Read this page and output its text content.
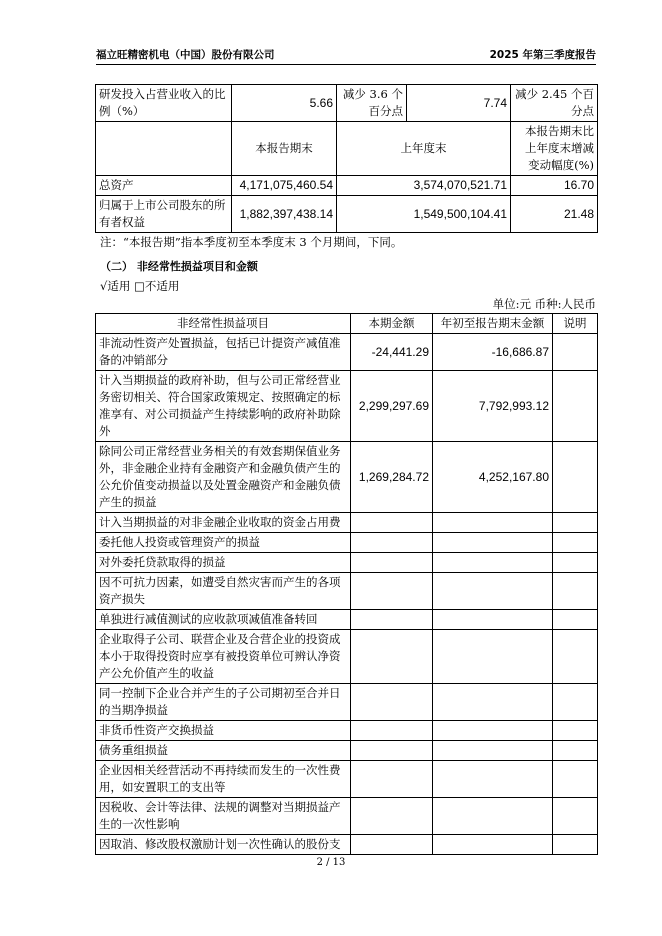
福立旺精密机电（中国）股份有限公司	2025 年第三季度报告
研发投入占营业收入的比例（%）	5.66	减少 3.6 个百分点	7.74	减少 2.45 个百分点
	本报告期末	上年度末		本报告期末比上年度末增减变动幅度(%)
总资产	4,171,075,460.54	3,574,070,521.71		16.70
归属于上市公司股东的所有者权益	1,882,397,438.14	1,549,500,104.41		21.48
注：“本报告期”指本季度初至本季度末 3 个月期间，下同。
（二） 非经常性损益项目和金额
√适用 □不适用
单位:元 币种:人民币
非经常性损益项目	本期金额	年初至报告期末金额	说明
非流动性资产处置损益，包括已计提资产减值准备的冲销部分	-24,441.29	-16,686.87	
计入当期损益的政府补助，但与公司正常经营业务密切相关、符合国家政策规定、按照确定的标准享有、对公司损益产生持续影响的政府补助除外	2,299,297.69	7,792,993.12	
除同公司正常经营业务相关的有效套期保值业务外，非金融企业持有金融资产和金融负债产生的公允价值变动损益以及处置金融资产和金融负债产生的损益	1,269,284.72	4,252,167.80	
计入当期损益的对非金融企业收取的资金占用费			
委托他人投资或管理资产的损益			
对外委托贷款取得的损益			
因不可抗力因素，如遭受自然灾害而产生的各项资产损失			
单独进行减值测试的应收款项减值准备转回			
企业取得子公司、联营企业及合营企业的投资成本小于取得投资时应享有被投资单位可辨认净资产公允价值产生的收益			
同一控制下企业合并产生的子公司期初至合并日的当期净损益			
非货币性资产交换损益			
债务重组损益			
企业因相关经营活动不再持续而发生的一次性费用，如安置职工的支出等			
因税收、会计等法律、法规的调整对当期损益产生的一次性影响			
因取消、修改股权激励计划一次性确认的股份支			
2 / 13
